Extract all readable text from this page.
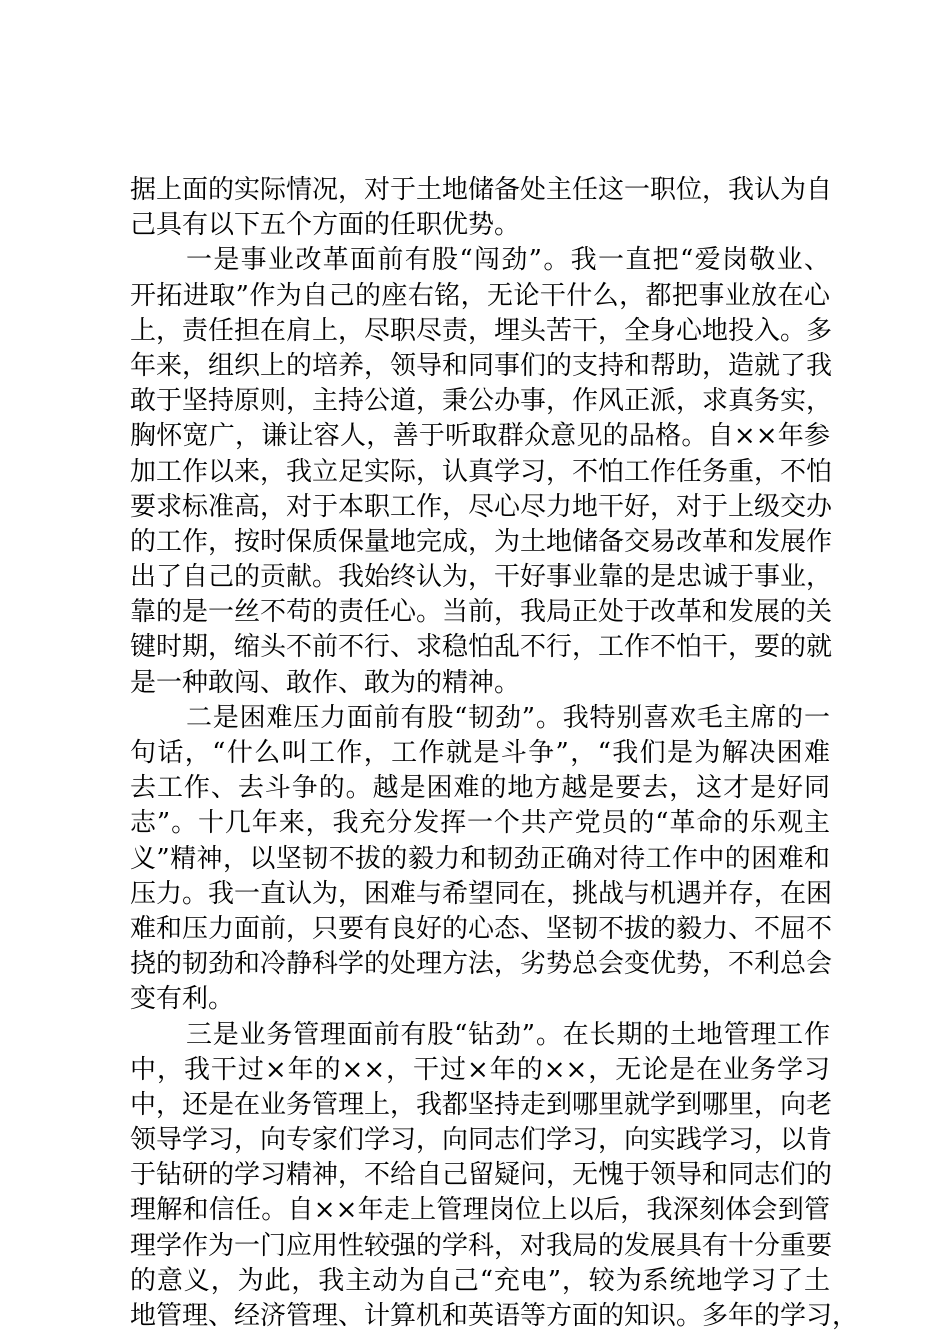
据上面的实际情况，对于土地储备处主任这一职位，我认为自
己具有以下五个方面的任职优势。
一是事业改革面前有股“闯劲”。我一直把“爱岗敬业、
开拓进取”作为自己的座右铭，无论干什么，都把事业放在心
上，责任担在肩上，尽职尽责，埋头苦干，全身心地投入。多
年来，组织上的培养，领导和同事们的支持和帮助，造就了我
敢于坚持原则，主持公道，秉公办事，作风正派，求真务实，
胸怀宽广，谦让容人，善于听取群众意见的品格。自××年参
加工作以来，我立足实际，认真学习，不怕工作任务重，不怕
要求标准高，对于本职工作，尽心尽力地干好，对于上级交办
的工作，按时保质保量地完成，为土地储备交易改革和发展作
出了自己的贡献。我始终认为，干好事业靠的是忠诚于事业，
靠的是一丝不苟的责任心。当前，我局正处于改革和发展的关
键时期，缩头不前不行、求稳怕乱不行，工作不怕干，要的就
是一种敢闯、敢作、敢为的精神。
二是困难压力面前有股“韧劲”。我特别喜欢毛主席的一
句话，“什么叫工作，工作就是斗争”，“我们是为解决困难
去工作、去斗争的。越是困难的地方越是要去，这才是好同
志”。十几年来，我充分发挥一个共产党员的“革命的乐观主
义”精神，以坚韧不拔的毅力和韧劲正确对待工作中的困难和
压力。我一直认为，困难与希望同在，挑战与机遇并存，在困
难和压力面前，只要有良好的心态、坚韧不拔的毅力、不屈不
挠的韧劲和冷静科学的处理方法，劣势总会变优势，不利总会
变有利。
三是业务管理面前有股“钻劲”。在长期的土地管理工作
中，我干过×年的××，干过×年的××，无论是在业务学习
中，还是在业务管理上，我都坚持走到哪里就学到哪里，向老
领导学习，向专家们学习，向同志们学习，向实践学习，以肯
于钻研的学习精神，不给自己留疑问，无愧于领导和同志们的
理解和信任。自××年走上管理岗位上以后，我深刻体会到管
理学作为一门应用性较强的学科，对我局的发展具有十分重要
的意义，为此，我主动为自己“充电”，较为系统地学习了土
地管理、经济管理、计算机和英语等方面的知识。多年的学习，
